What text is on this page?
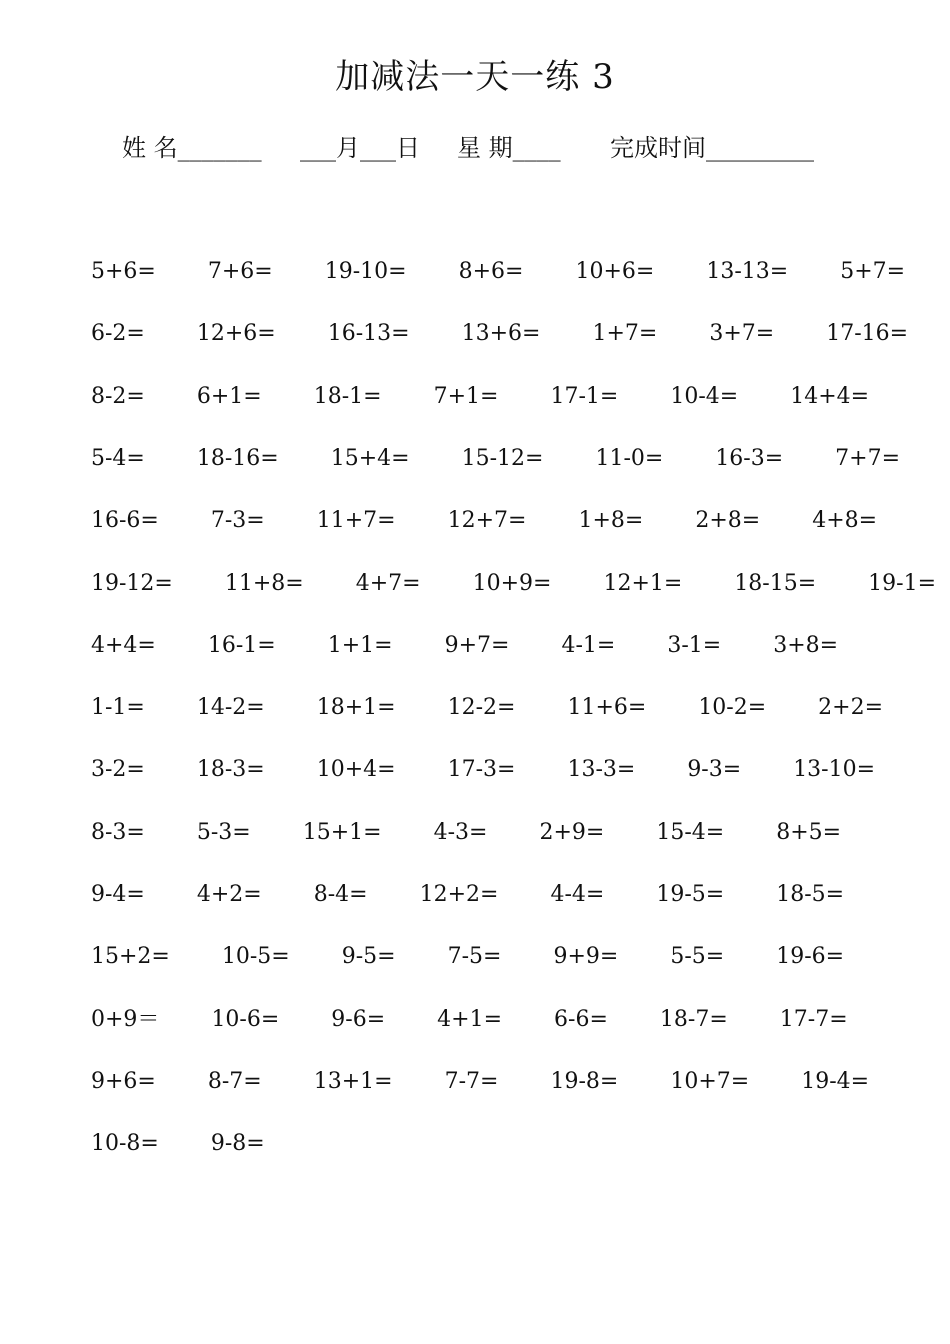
加减法一天一练 3
姓 名_______ ___月___日 星 期____ 完成时间_________
5+6= 7+6= 19-10= 8+6= 10+6= 13-13= 5+7=
6-2= 12+6= 16-13= 13+6= 1+7= 3+7= 17-16=
8-2= 6+1= 18-1= 7+1= 17-1= 10-4= 14+4=
5-4= 18-16= 15+4= 15-12= 11-0= 16-3= 7+7=
16-6= 7-3= 11+7= 12+7= 1+8= 2+8= 4+8=
19-12= 11+8= 4+7= 10+9= 12+1= 18-15= 19-1=
4+4= 16-1= 1+1= 9+7= 4-1= 3-1= 3+8=
1-1= 14-2= 18+1= 12-2= 11+6= 10-2= 2+2=
3-2= 18-3= 10+4= 17-3= 13-3= 9-3= 13-10=
8-3= 5-3= 15+1= 4-3= 2+9= 15-4= 8+5=
9-4= 4+2= 8-4= 12+2= 4-4= 19-5= 18-5=
15+2= 10-5= 9-5= 7-5= 9+9= 5-5= 19-6=
0+9＝ 10-6= 9-6= 4+1= 6-6= 18-7= 17-7=
9+6= 8-7= 13+1= 7-7= 19-8= 10+7= 19-4=
10-8= 9-8=
